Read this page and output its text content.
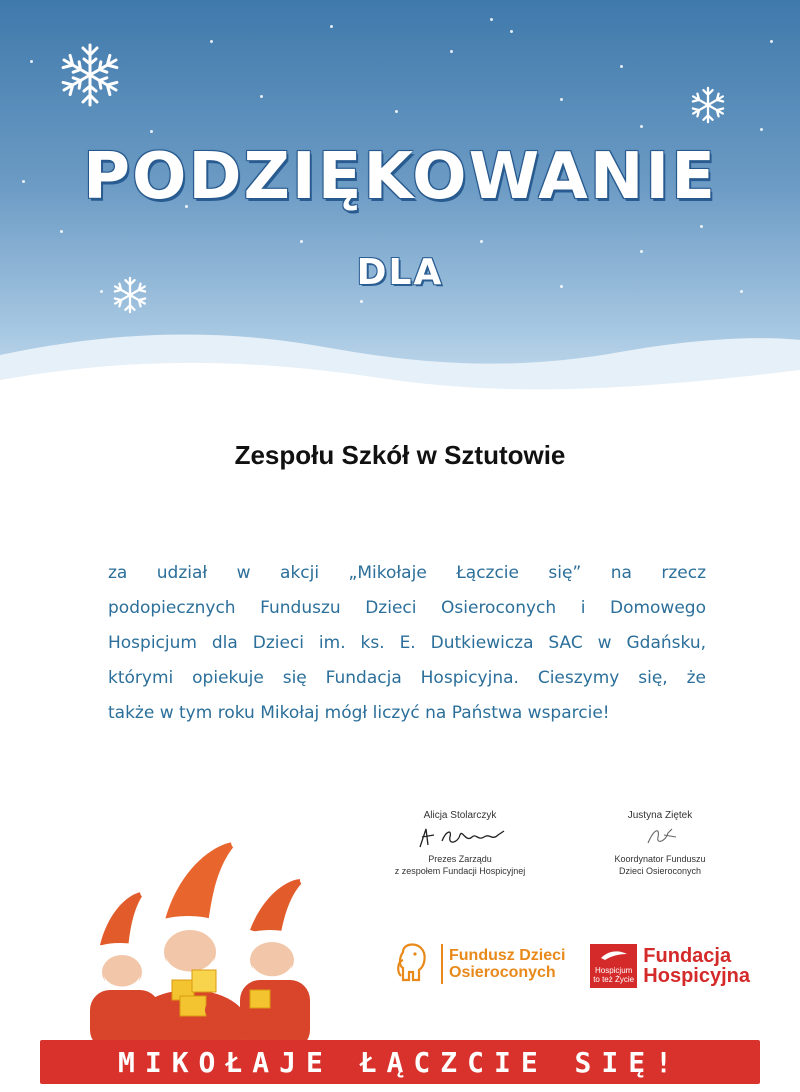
PODZIĘKOWANIE
DLA
Zespołu Szkół w Sztutowie
za udział w akcji „Mikołaje Łączcie się” na rzecz
podopiecznych Funduszu Dzieci Osieroconych i Domowego
Hospicjum dla Dzieci im. ks. E. Dutkiewicza SAC w Gdańsku,
którymi opiekuje się Fundacja Hospicyjna. Cieszymy się, że
także w tym roku Mikołaj mógł liczyć na Państwa wsparcie!
Alicja Stolarczyk
Prezes Zarządu
z zespołem Fundacji Hospicyjnej
Justyna Ziętek
Koordynator Funduszu
Dzieci Osieroconych
Fundusz Dzieci
Osieroconych	Hospicjum
to też Życie
Fundacja
Hospicyjna
MIKOŁAJE ŁĄCZCIE SIĘ!
